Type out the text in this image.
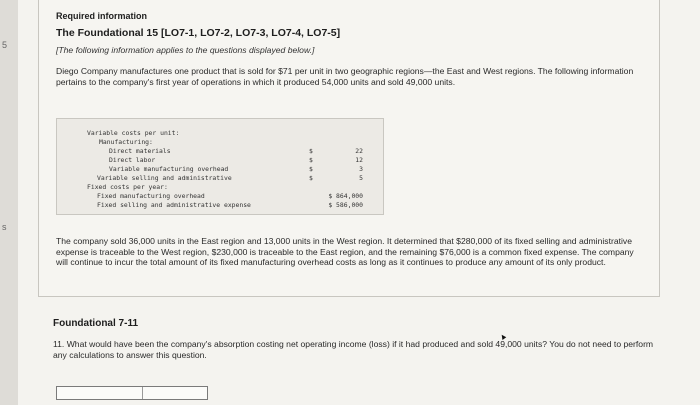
5
s
Required information
The Foundational 15 [LO7-1, LO7-2, LO7-3, LO7-4, LO7-5]
[The following information applies to the questions displayed below.]
Diego Company manufactures one product that is sold for $71 per unit in two geographic regions—the East and West regions. The following information pertains to the company's first year of operations in which it produced 54,000 units and sold 49,000 units.
Variable costs per unit:
Manufacturing:
Direct materials	$	22
Direct labor	$	12
Variable manufacturing overhead	$	3
Variable selling and administrative	$	5
Fixed costs per year:
Fixed manufacturing overhead	$ 864,000
Fixed selling and administrative expense	$ 586,000
The company sold 36,000 units in the East region and 13,000 units in the West region. It determined that $280,000 of its fixed selling and administrative expense is traceable to the West region, $230,000 is traceable to the East region, and the remaining $76,000 is a common fixed expense. The company will continue to incur the total amount of its fixed manufacturing overhead costs as long as it continues to produce any amount of its only product.
Foundational 7-11
▲
11. What would have been the company's absorption costing net operating income (loss) if it had produced and sold 49,000 units? You do not need to perform any calculations to answer this question.
